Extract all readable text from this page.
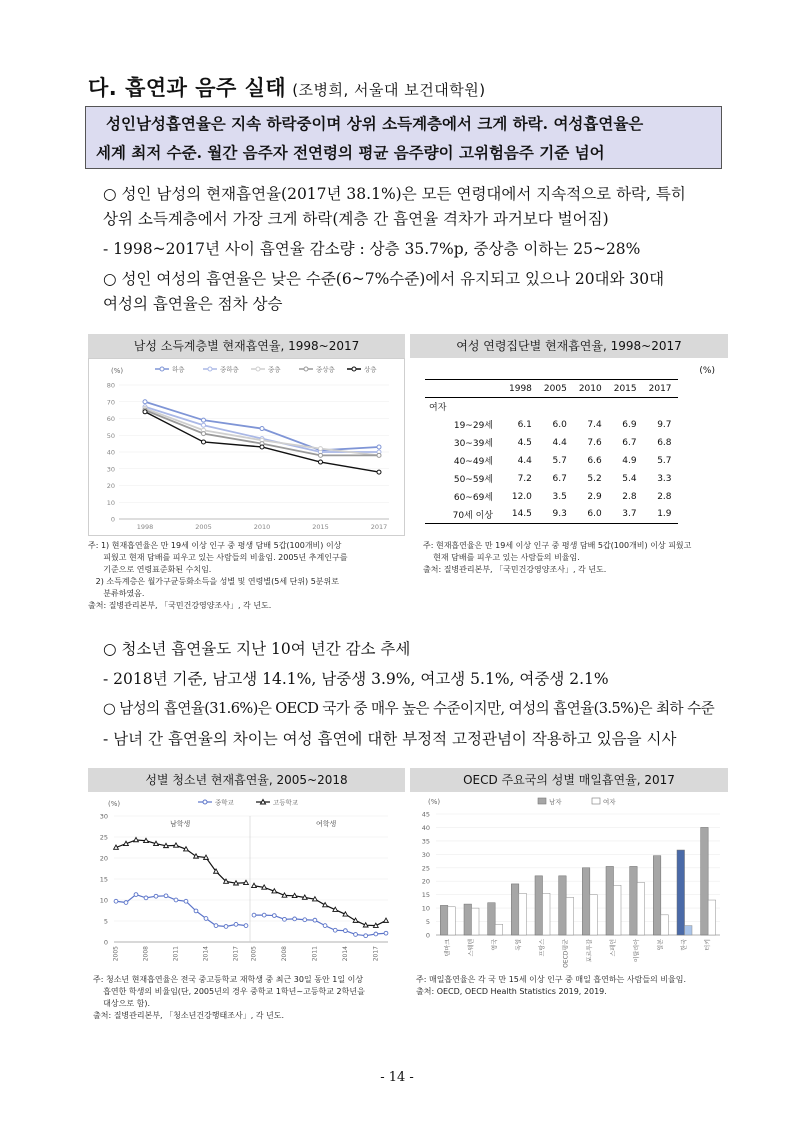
다. 흡연과 음주 실태 (조병희, 서울대 보건대학원)
성인남성흡연율은 지속 하락중이며 상위 소득계층에서 크게 하락. 여성흡연율은
세계 최저 수준. 월간 음주자 전연령의 평균 음주량이 고위험음주 기준 넘어
○ 성인 남성의 현재흡연율(2017년 38.1%)은 모든 연령대에서 지속적으로 하락, 특히
상위 소득계층에서 가장 크게 하락(계층 간 흡연율 격차가 과거보다 벌어짐)
- 1998~2017년 사이 흡연율 감소량 : 상층 35.7%p, 중상층 이하는 25~28%
○ 성인 여성의 흡연율은 낮은 수준(6~7%수준)에서 유지되고 있으나 20대와 30대
여성의 흡연율은 점차 상승
남성 소득계층별 현재흡연율, 1998~2017
(%)
0
10
20
30
40
50
60
70
80
1998	2005	2010	2015	2017
하층	중하층	중층	중상층	상층
주: 1) 현재흡연율은 만 19세 이상 인구 중 평생 담배 5갑(100개비) 이상
피웠고 현재 담배를 피우고 있는 사람들의 비율임. 2005년 추계인구를
기준으로 연령표준화된 수치임.
2) 소득계층은 월가구균등화소득을 성별 및 연령별(5세 단위) 5분위로
분류하였음.
출처: 질병관리본부, 「국민건강영양조사」, 각 년도.
여성 연령집단별 현재흡연율, 1998~2017
(%)
	1998	2005	2010	2015	2017
여자					
19~29세	6.1	6.0	7.4	6.9	9.7
30~39세	4.5	4.4	7.6	6.7	6.8
40~49세	4.4	5.7	6.6	4.9	5.7
50~59세	7.2	6.7	5.2	5.4	3.3
60~69세	12.0	3.5	2.9	2.8	2.8
70세 이상	14.5	9.3	6.0	3.7	1.9
주: 현재흡연율은 만 19세 이상 인구 중 평생 담배 5갑(100개비) 이상 피웠고
현재 담배를 피우고 있는 사람들의 비율임.
출처: 질병관리본부, 「국민건강영양조사」, 각 년도.
○ 청소년 흡연율도 지난 10여 년간 감소 추세
- 2018년 기준, 남고생 14.1%, 남중생 3.9%, 여고생 5.1%, 여중생 2.1%
○ 남성의 흡연율(31.6%)은 OECD 국가 중 매우 높은 수준이지만, 여성의 흡연율(3.5%)은 최하 수준
- 남녀 간 흡연율의 차이는 여성 흡연에 대한 부정적 고정관념이 작용하고 있음을 시사
성별 청소년 현재흡연율, 2005~2018
(%)
0
5
10
15
20
25
30
남학생	여학생
2005	2008	2011	2014	2017 2005	2008	2011	2014	2017
중학교	고등학교
주: 청소년 현재흡연율은 전국 중고등학교 재학생 중 최근 30일 동안 1일 이상
흡연한 학생의 비율임(단, 2005년의 경우 중학교 1학년~고등학교 2학년을
대상으로 함).
출처: 질병관리본부, 「청소년건강행태조사」, 각 년도.
OECD 주요국의 성별 매일흡연율, 2017
(%)
0
5
10
15
20
25
30
35
40
45
남자	여자
덴마크	스웨덴	영국	독일	프랑스	OECD평균	포르투갈	스페인	이탈리아	일본	한국	터키
주: 매일흡연율은 각 국 만 15세 이상 인구 중 매일 흡연하는 사람들의 비율임.
출처: OECD, OECD Health Statistics 2019, 2019.
- 14 -
